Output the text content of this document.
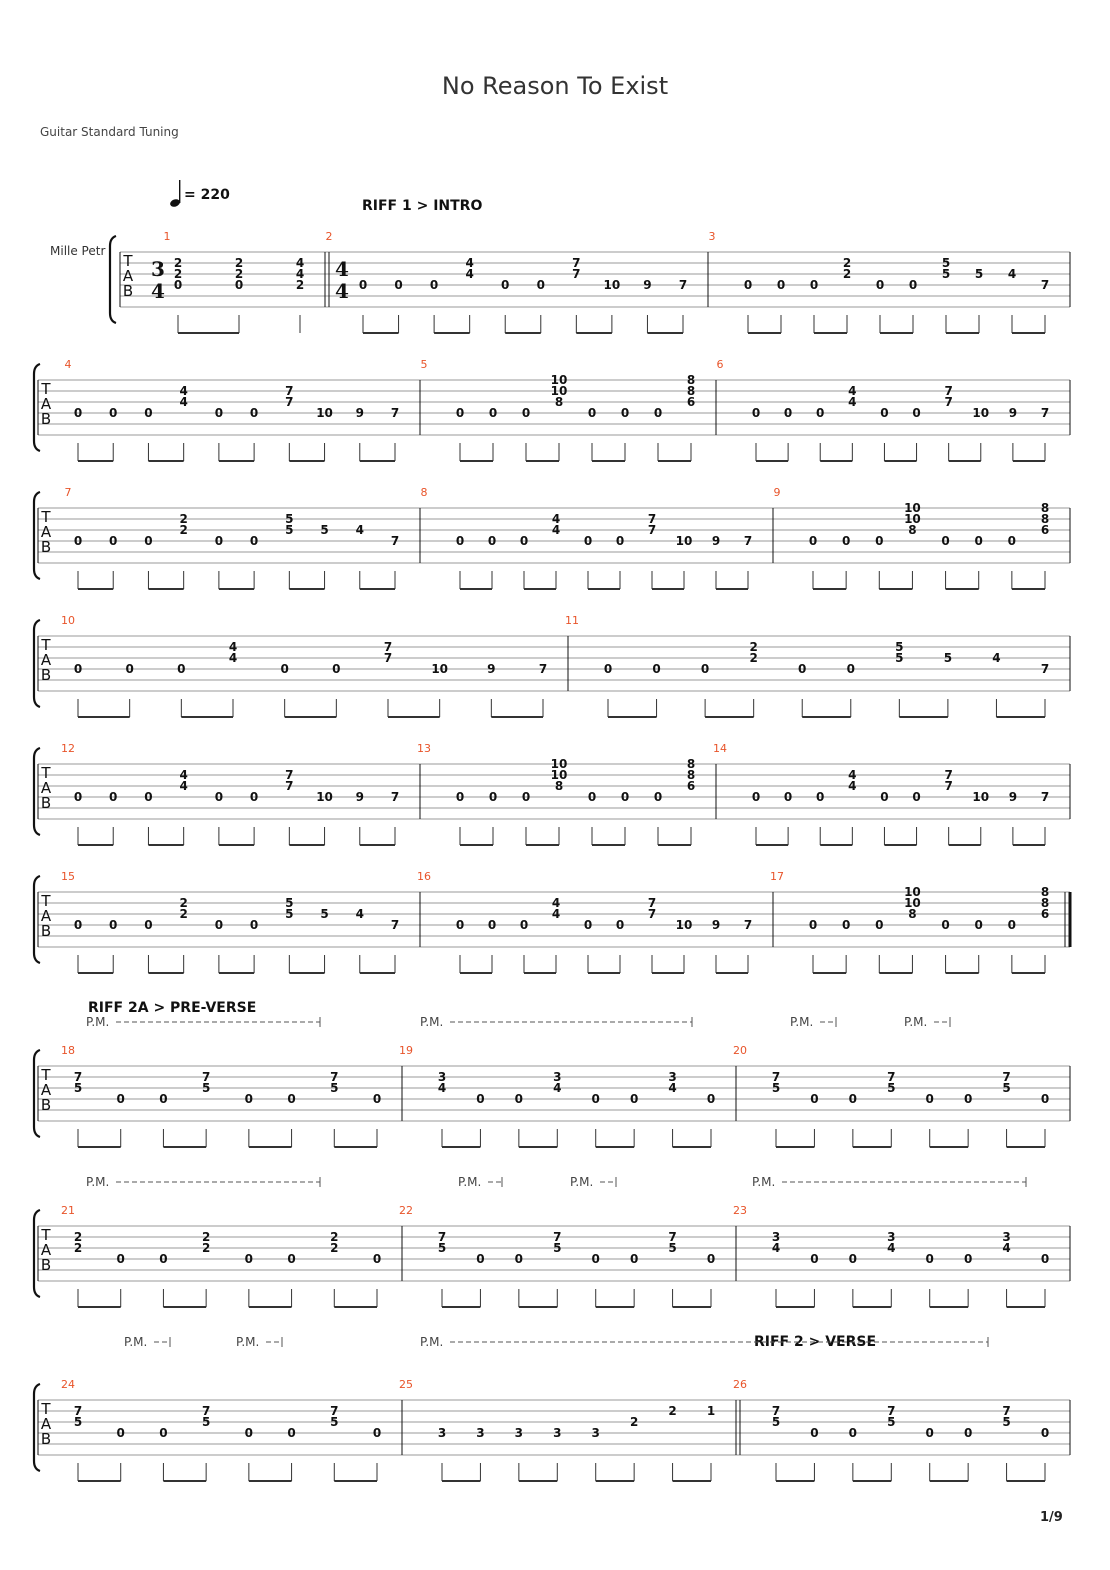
No Reason To Exist
Guitar Standard Tuning
= 220
Mille Petr
1/9
T
A
B
3
4
4
4
1
2
2
0
2
2
0
4
4
2
2
0 0 0
4
4
0 0
7
7
10 9 7
3
0 0 0
2
2
0 0
5
5 5 4
7
T
A
B
4
0 0 0
4
4
0 0
7
7
10 9 7
5
0 0 0
10
10
8
0 0 0
8
8
6
6
0 0 0
4
4
0 0
7
7
10 9 7
T
A
B
7
0 0 0
2
2
0 0
5
5 5 4
7
8
0 0 0
4
4
0 0
7
7
10 9 7
9
0 0 0
10
10
8
0 0 0
8
8
6
T
A
B
10
0	0	0
4
4
0	0
7
7
10	9	7
11
0	0	0
2
2
0	0
5
5	5	4
7
T
A
B
12
0 0 0
4
4
0 0
7
7
10 9 7
13
0 0 0
10
10
8
0 0 0
8
8
6
14
0 0 0
4
4
0 0
7
7
10 9 7
T
A
B
15
0 0 0
2
2
0 0
5
5 5 4
7
16
0 0 0
4
4
0 0
7
7
10 9 7
17
0 0 0
10
10
8
0 0 0
8
8
6
T
A
B
18
7
5
0	0
7
5
0	0
7
5
0
19
3
4
0	0
3
4
0	0
3
4
0
20
7
5
0	0
7
5
0	0
7
5
0
T
A
B
21
2
2
0	0
2
2
0	0
2
2
0
22
7
5
0	0
7
5
0	0
7
5
0
23
3
4
0	0
3
4
0	0
3
4
0
T
A
B
24
7
5
0	0
7
5
0	0
7
5
0
25
3	3	3	3	3
2
2	1
26
7
5
0	0
7
5
0	0
7
5
0
RIFF 1 > INTRO
RIFF 2A > PRE-VERSE
RIFF 2 > VERSE
P.M.	P.M.	P.M.	P.M.
P.M.	P.M.	P.M.	P.M.
P.M.	P.M.	P.M.
